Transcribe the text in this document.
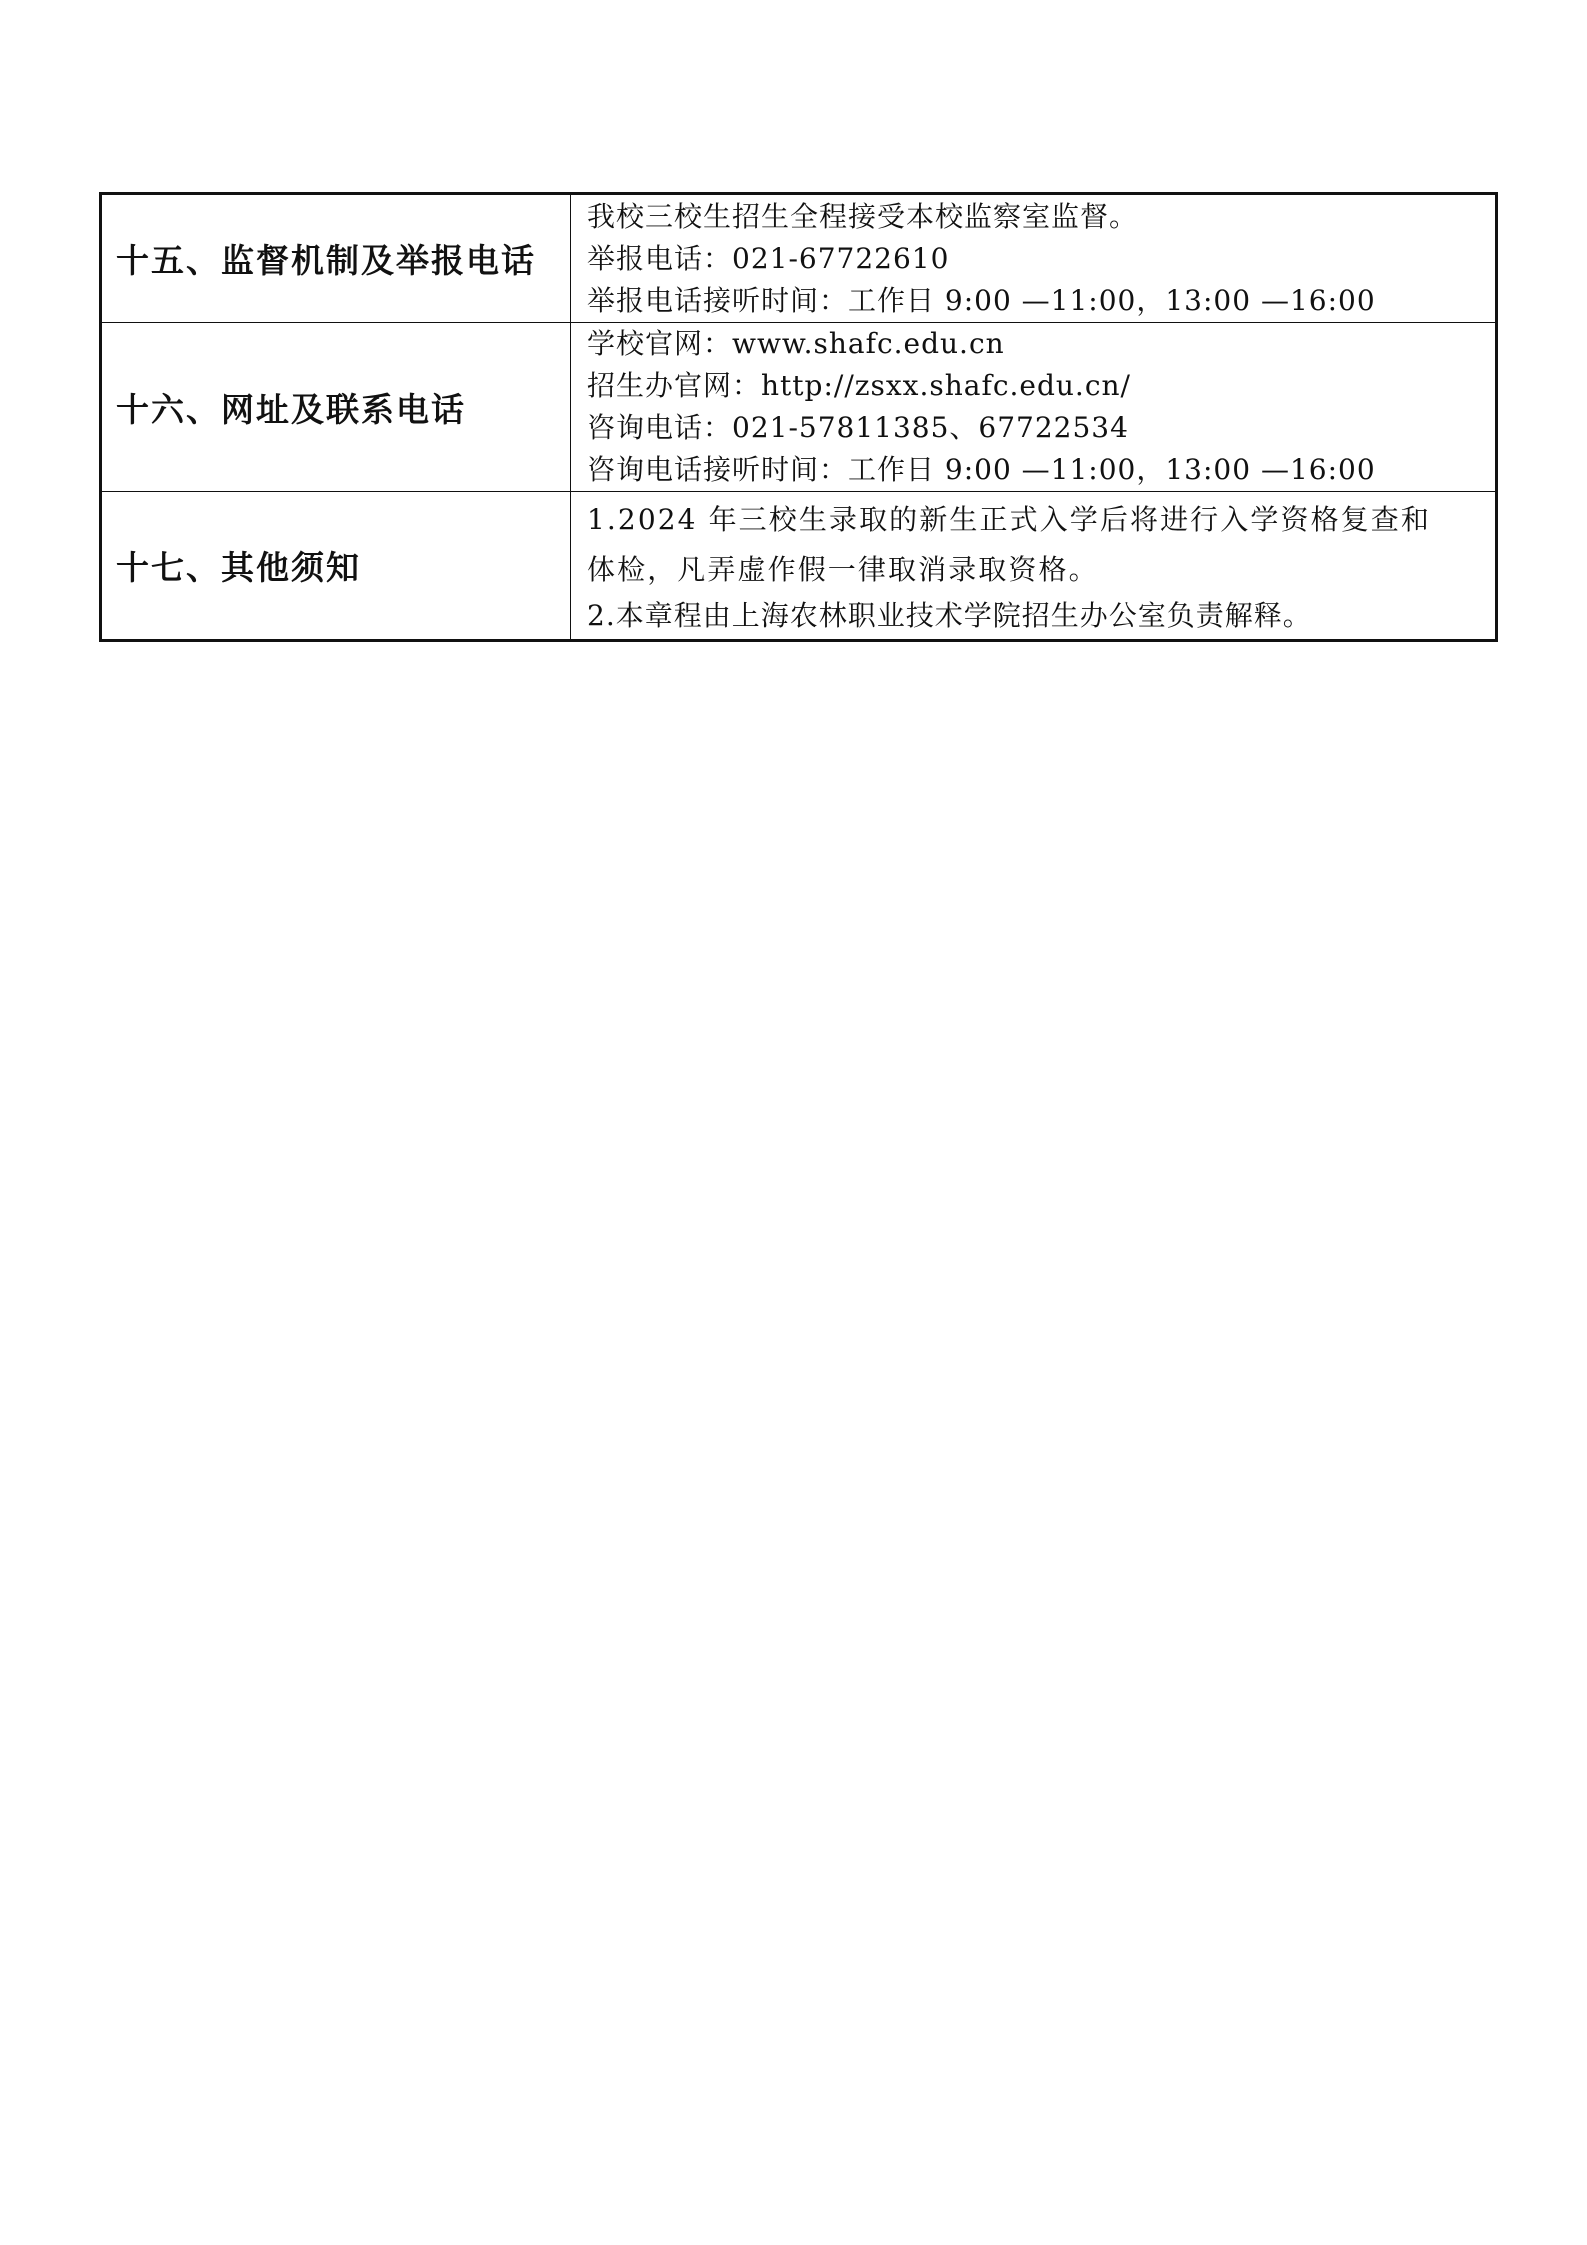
十五、监督机制及举报电话	我校三校生招生全程接受本校监察室监督。
举报电话：021-67722610
举报电话接听时间：工作日 9:00 —11:00，13:00 —16:00

十六、网址及联系电话	学校官网：www.shafc.edu.cn
招生办官网：http://zsxx.shafc.edu.cn/
咨询电话：021-57811385、67722534
咨询电话接听时间：工作日 9:00 —11:00，13:00 —16:00

十七、其他须知	1.2024 年三校生录取的新生正式入学后将进行入学资格复查和
体检，凡弄虚作假一律取消录取资格。
2.本章程由上海农林职业技术学院招生办公室负责解释。
